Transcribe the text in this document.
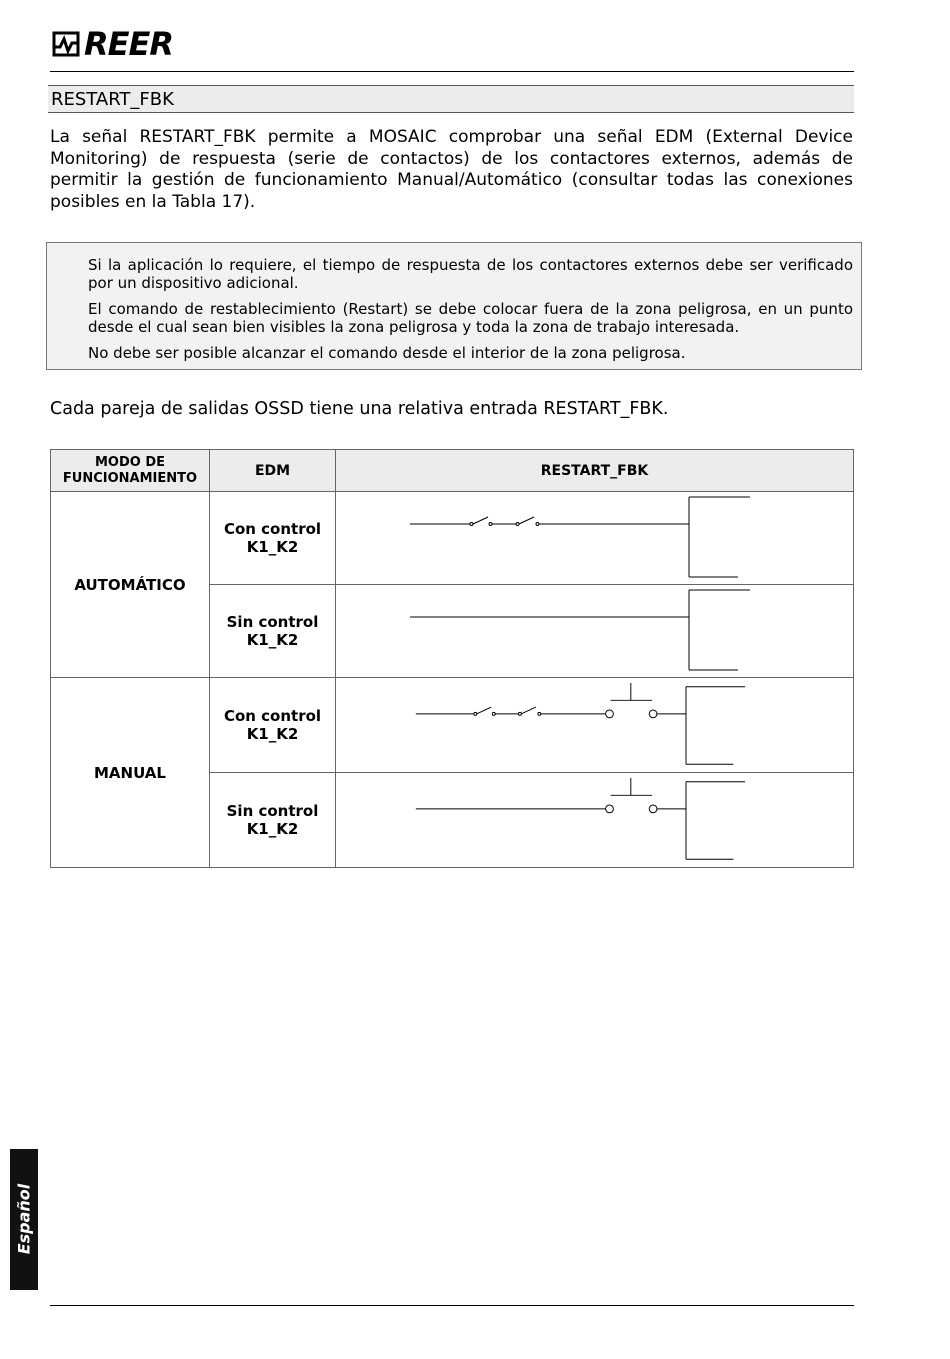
REER
RESTART_FBK
La señal RESTART_FBK permite a MOSAIC comprobar una señal EDM (External Device Monitoring) de respuesta (serie de contactos) de los contactores externos, además de permitir la gestión de funcionamiento Manual/Automático (consultar todas las conexiones posibles en la Tabla 17).
Si la aplicación lo requiere, el tiempo de respuesta de los contactores externos debe ser verificado por un dispositivo adicional.
El comando de restablecimiento (Restart) se debe colocar fuera de la zona peligrosa, en un punto desde el cual sean bien visibles la zona peligrosa y toda la zona de trabajo interesada.
No debe ser posible alcanzar el comando desde el interior de la zona peligrosa.
Cada pareja de salidas OSSD tiene una relativa entrada RESTART_FBK.
MODO DE FUNCIONAMIENTO	EDM	RESTART_FBK
AUTOMÁTICO	Con control K1_K2	

	Sin control K1_K2	

MANUAL	Con control K1_K2	

	Sin control K1_K2	
Español
